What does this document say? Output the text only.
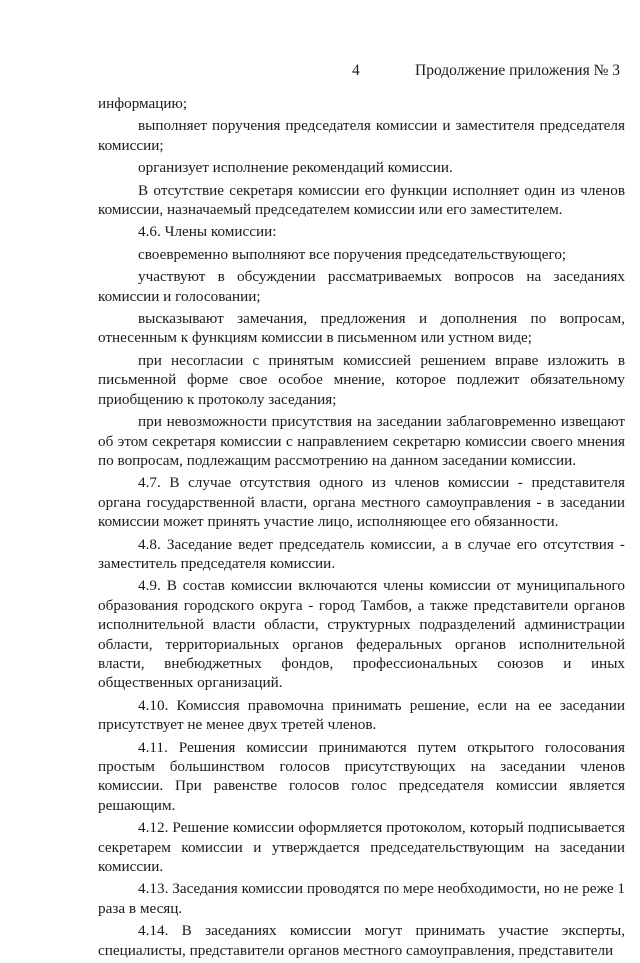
4	Продолжение приложения № 3

информацию;

выполняет поручения председателя комиссии и заместителя председателя комиссии;

организует исполнение рекомендаций комиссии.

В отсутствие секретаря комиссии его функции исполняет один из членов комиссии, назначаемый председателем комиссии или его заместителем.

4.6. Члены комиссии:

своевременно выполняют все поручения председательствующего;

участвуют в обсуждении рассматриваемых вопросов на заседаниях комиссии и голосовании;

высказывают замечания, предложения и дополнения по вопросам, отнесенным к функциям комиссии в письменном или устном виде;

при несогласии с принятым комиссией решением вправе изложить в письменной форме свое особое мнение, которое подлежит обязательному приобщению к протоколу заседания;

при невозможности присутствия на заседании заблаговременно извещают об этом секретаря комиссии с направлением секретарю комиссии своего мнения по вопросам, подлежащим рассмотрению на данном заседании комиссии.

4.7. В случае отсутствия одного из членов комиссии - представителя органа государственной власти, органа местного самоуправления - в заседании комиссии может принять участие лицо, исполняющее его обязанности.

4.8. Заседание ведет председатель комиссии, а в случае его отсутствия - заместитель председателя комиссии.

4.9. В состав комиссии включаются члены комиссии от муниципального образования городского округа - город Тамбов, а также представители органов исполнительной власти области, структурных подразделений администрации области, территориальных органов федеральных органов исполнительной власти, внебюджетных фондов, профессиональных союзов и иных общественных организаций.

4.10. Комиссия правомочна принимать решение, если на ее заседании присутствует не менее двух третей членов.

4.11. Решения комиссии принимаются путем открытого голосования простым большинством голосов присутствующих на заседании членов комиссии. При равенстве голосов голос председателя комиссии является решающим.

4.12. Решение комиссии оформляется протоколом, который подписывается секретарем комиссии и утверждается председательствующим на заседании комиссии.

4.13. Заседания комиссии проводятся по мере необходимости, но не реже 1 раза в месяц.

4.14. В заседаниях комиссии могут принимать участие эксперты, специалисты, представители органов местного самоуправления, представители
